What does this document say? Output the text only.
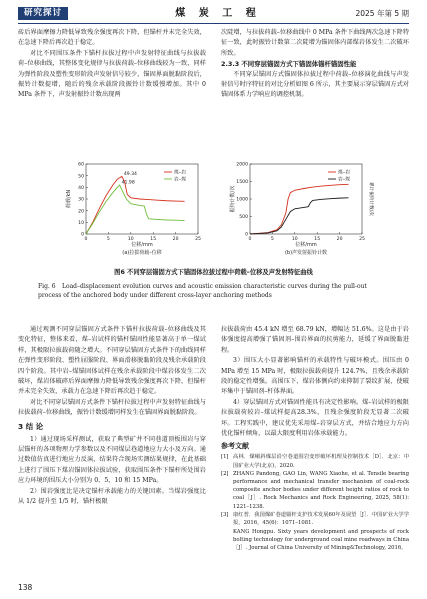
研究探讨	煤 炭 工 程	2025 年第 5 期

砖后界面摩擦力降低导致残余强度再次下降，但锚杆并未完全失效，在急速下降后再次趋于稳定。

对比不同围压条件下锚杆拉拔过程中声发射特征曲线与拉拔载荷–位移曲线，其整体变化规律与拉拔荷载–位移曲线较为一致，同样为弹性阶段及塑性变形阶段声发射信号较少，锚固界面脱黏阶段后，振铃计数提增，随后的残余承载阶段振铃计数缓慢增加。其中 0 MPa 条件下，声发射振铃计数出现两

次陡增，与拉拔荷载–位移曲线中 0 MPa 条件下曲线两次急速下降特征一致，此时振铃计数第二次陡增为锚固体内部煤岩体发生二次破坏所致。

2.3.3 不同穿层锚固方式下锚固体锚杆锚固性能

不同穿层锚固方式锚固体拉拔过程中荷载–位移演化曲线与声发射信号时序特征的对比分析如图 6 所示，其主要展示穿层锚固方式对锚固体系力学响应的调控机制。

0	5	10	15	20	25
0
10
20
30
40
50
60
位移/mm
荷载/kN
煤–岩
岩–煤
49.34
41.98
(a)拉拔荷载–位移
0	5	10	15	20	25
0
500
1000
1500
2000
位移/mm
振铃计数/次	累计振铃计数/次
煤–岩
岩–煤
(b)声发射振铃计数
图6 不同穿层锚固方式下锚固体拉拔过程中荷载–位移及声发射特征曲线
Fig. 6 Load–displacement evolution curves and acoustic emission characteristic curves during the pull-out process of the anchored body under different cross-layer anchoring methods

通过观测不同穿层锚固方式条件下锚杆拉拔荷载–位移曲线及其变化特征，整体来看，煤–岩试样的锚杆锚固性能显著高于单一煤试样，其极限拉拔载荷随之增大。不同穿层锚固方式条件下的曲线同样在弹性变形阶段、塑性屈服阶段、界面滑移脱黏阶段及残余承载阶段四个阶段。其中岩–煤锚固体试样在残余承载阶段中煤岩体发生二次破坏，煤岩体破碎后界面摩擦力降低导致残余强度再次下降，但锚杆并未完全失效，承载力在急速下降后再次趋于稳定。

对比不同穿层锚固方式条件下锚杆拉拔过程中声发射特征曲线与拉拔载荷–位移曲线，振铃计数缓增同样发生在锚固界面脱黏阶段。

3 结 论

1）通过现场采样测试，获取了典型矿井不同巷道顶板围岩与穿层锚杆的各项物理力学参数以及不同煤层巷道地应力大小及方向。通过数值仿真进行地应力反演，结果符合现场实测结果规律，在此基础上进行了围压下煤岩锚固体拉拔试验，获取围压条件下锚杆所处围岩应力环境的围压大小分别为 0、5、10 和 15 MPa。

2）围岩强度比是决定锚杆承载能力的关键因素。当煤岩强度比从 1/2 提升至 1/5 时，锚杆极限

拉拔载荷由 45.4 kN 增至 68.79 kN，增幅达 51.6%。这是由于岩体强度提高增强了锚固剂–围岩界面的抗剪能力，延缓了界面脱黏进程。

3）围压大小显著影响锚杆的承载特性与破坏模式。围压由 0 MPa 增至 15 MPa 时，极限拉拔载荷提升 124.7%，且残余承载阶段的稳定性增强。高围压下，煤岩体侧向约束抑制了裂纹扩展，使破坏集中于锚固剂–杆体界面。

4）穿层锚固方式对锚固性能具有决定性影响。煤–岩试样的极限拉拔载荷较岩–煤试样提高28.3%，且残余强度阶段无显著二次破坏。工程实践中，建议优先采用煤–岩穿层方式，并结合地应力方向优化锚杆倾角，以最大限度利用岩体承载能力。

参考文献
[1] 高林．煤峒斜煤层沿空巷道围岩变形破坏机理及控制技术［D］．北京：中国矿业大学(北京)，2020.
[2] ZHANG Pandong, GAO Lin, WANG Xiaohe, et al. Tensile bearing performance and mechanical transfer mechanism of coal-rock composite anchor bodies under different height ratios of rock to coal［J］. Rock Mechanics and Rock Engineering, 2025, 58(1): 1221–1238.
[3] 康红普．我国煤矿巷道锚杆支护技术发展60年及展望［J］．中国矿业大学学报，2016，45(6)：1071–1081.
KANG Hongpu. Sixty years development and prospects of rock bolting technology for underground coal mine roadways in China［J］. Journal of China University of Mining&Technology, 2016,
138
